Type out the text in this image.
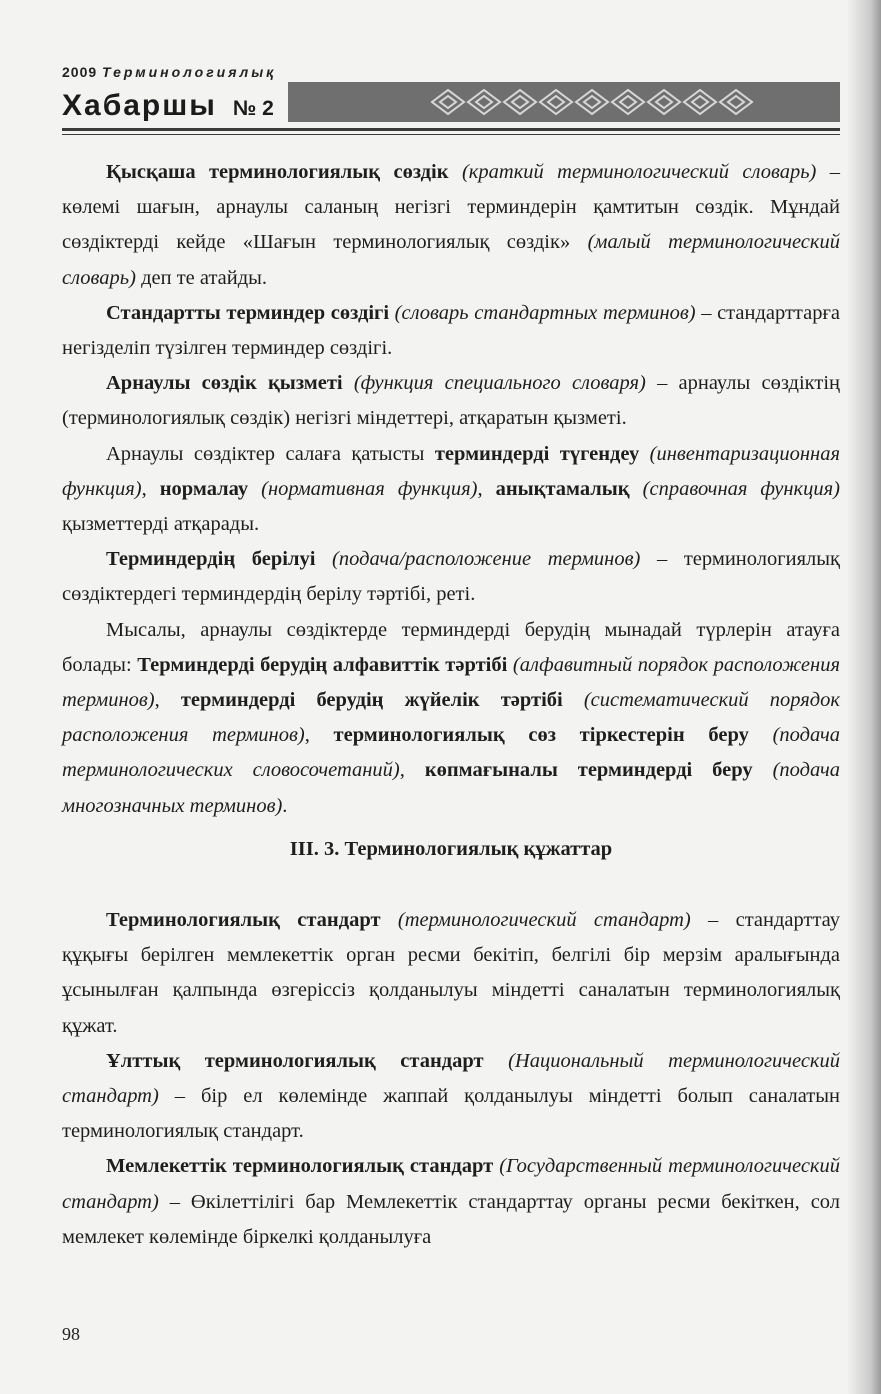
2009 Терминологиялық
Хабаршы № 2

Қысқаша терминологиялық сөздік (краткий терминологический словарь) – көлемі шағын, арнаулы саланың негізгі терминдерін қамтитын сөздік. Мұндай сөздіктерді кейде «Шағын терминологиялық сөздік» (малый терминологический словарь) деп те атайды.

Стандартты терминдер сөздігі (словарь стандартных терминов) – стандарттарға негізделіп түзілген терминдер сөздігі.

Арнаулы сөздік қызметі (функция специального словаря) – арнаулы сөздіктің (терминологиялық сөздік) негізгі міндеттері, атқаратын қызметі.

Арнаулы сөздіктер салаға қатысты терминдерді түгендеу (инвентаризационная функция), нормалау (нормативная функция), анықтамалық (справочная функция) қызметтерді атқарады.

Терминдердің берілуі (подача/расположение терминов) – терминологиялық сөздіктердегі терминдердің берілу тәртібі, реті.

Мысалы, арнаулы сөздіктерде терминдерді берудің мынадай түрлерін атауға болады: Терминдерді берудің алфавиттік тәртібі (алфавитный порядок расположения терминов), терминдерді берудің жүйелік тәртібі (систематический порядок расположения терминов), терминологиялық сөз тіркестерін беру (подача терминологических словосочетаний), көпмағыналы терминдерді беру (подача многозначных терминов).

ІІІ. 3. Терминологиялық құжаттар

Терминологиялық стандарт (терминологический стандарт) – стандарттау құқығы берілген мемлекеттік орган ресми бекітіп, белгілі бір мерзім аралығында ұсынылған қалпында өзгеріссіз қолданылуы міндетті саналатын терминологиялық құжат.

Ұлттық терминологиялық стандарт (Национальный терминологический стандарт) – бір ел көлемінде жаппай қолданылуы міндетті болып саналатын терминологиялық стандарт.

Мемлекеттік терминологиялық стандарт (Государственный терминологический стандарт) – Өкілеттілігі бар Мемлекеттік стандарттау органы ресми бекіткен, сол мемлекет көлемінде біркелкі қолданылуға

98
